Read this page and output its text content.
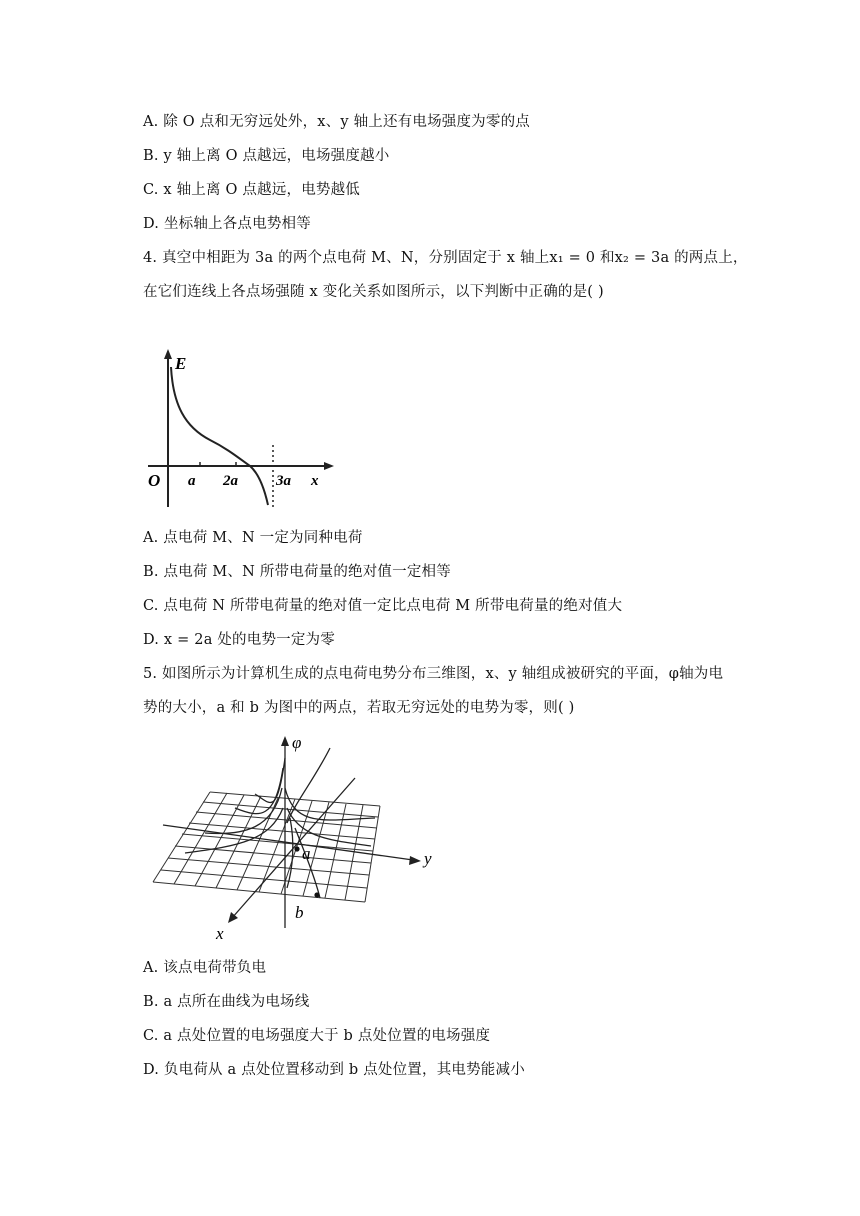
A. 除 O 点和无穷远处外，x、y 轴上还有电场强度为零的点
B. y 轴上离 O 点越远，电场强度越小
C. x 轴上离 O 点越远，电势越低
D. 坐标轴上各点电势相等
4. 真空中相距为 3a 的两个点电荷 M、N，分别固定于 x 轴上x₁ = 0 和x₂ = 3a 的两点上，
在它们连线上各点场强随 x 变化关系如图所示，以下判断中正确的是( )
E
O a 2a	3a x
A. 点电荷 M、N 一定为同种电荷
B. 点电荷 M、N 所带电荷量的绝对值一定相等
C. 点电荷 N 所带电荷量的绝对值一定比点电荷 M 所带电荷量的绝对值大
D. x = 2a 处的电势一定为零
5. 如图所示为计算机生成的点电荷电势分布三维图，x、y 轴组成被研究的平面，φ轴为电
势的大小，a 和 b 为图中的两点，若取无穷远处的电势为零，则( )
φ
y
x
a
b
A. 该点电荷带负电
B. a 点所在曲线为电场线
C. a 点处位置的电场强度大于 b 点处位置的电场强度
D. 负电荷从 a 点处位置移动到 b 点处位置，其电势能减小
